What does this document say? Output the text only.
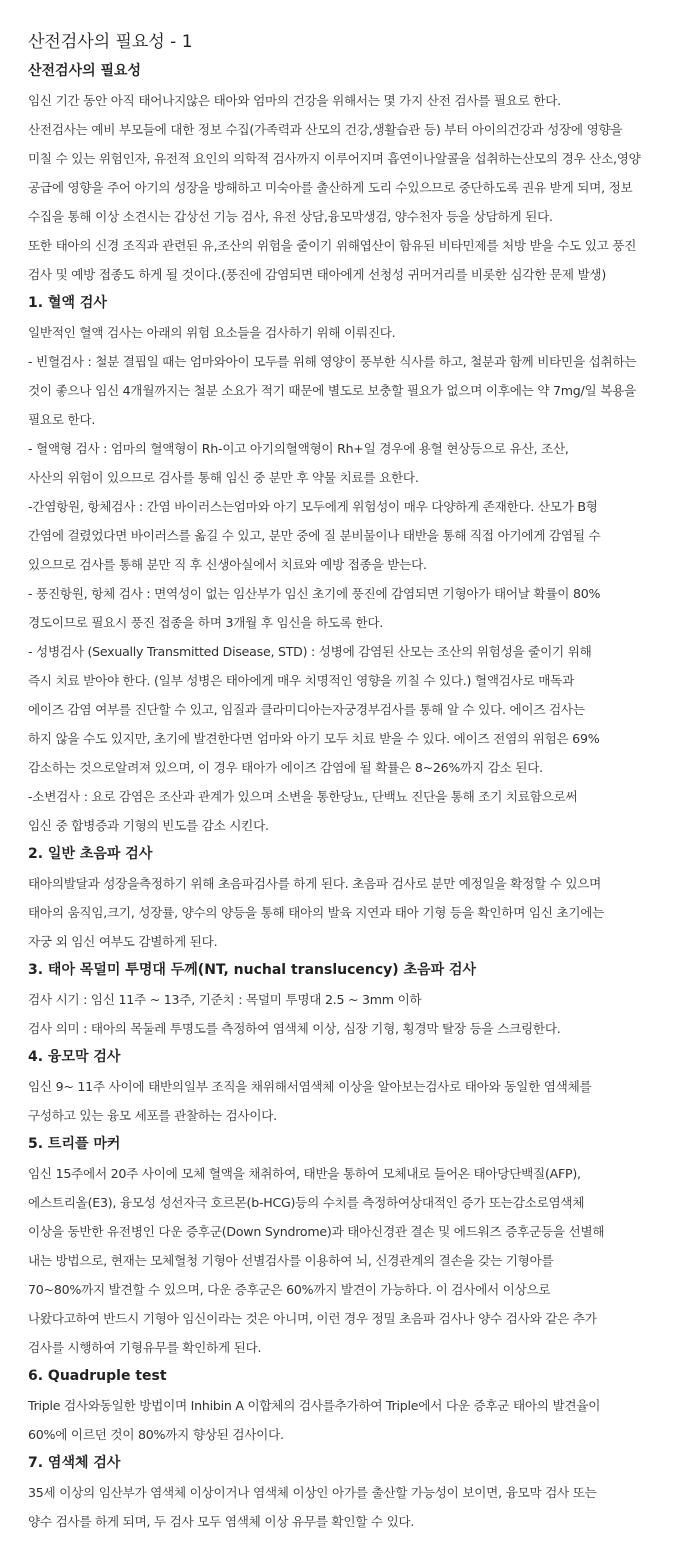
산전검사의 필요성 - 1
산전검사의 필요성

임신 기간 동안 아직 태어나지않은 태아와 엄마의 건강을 위해서는 몇 가지 산전 검사를 필요로 한다.

산전검사는 예비 부모들에 대한 정보 수집(가족력과 산모의 건강,생활습관 등) 부터 아이의건강과 성장에 영향을

미칠 수 있는 위험인자, 유전적 요인의 의학적 검사까지 이루어지며 흡연이나알콜을 섭취하는산모의 경우 산소,영양

공급에 영향을 주어 아기의 성장을 방해하고 미숙아를 출산하게 도리 수있으므로 중단하도록 권유 받게 되며, 정보

수집을 통해 이상 소견시는 갑상선 기능 검사, 유전 상담,융모막생검, 양수천자 등을 상담하게 된다.

또한 태아의 신경 조직과 관련된 유,조산의 위험을 줄이기 위해엽산이 함유된 비타민제를 처방 받을 수도 있고 풍진

검사 및 예방 접종도 하게 될 것이다.(풍진에 감염되면 태아에게 선청성 귀머거리를 비롯한 심각한 문제 발생)

1. 혈액 검사

일반적인 혈액 검사는 아래의 위험 요소들을 검사하기 위해 이뤄진다.

- 빈혈검사 : 철분 결핍일 때는 엄마와아이 모두를 위해 영양이 풍부한 식사를 하고, 철분과 함께 비타민을 섭취하는

것이 좋으나 임신 4개월까지는 철분 소요가 적기 때문에 별도로 보충할 필요가 없으며 이후에는 약 7mg/일 복용을

필요로 한다.

- 혈액형 검사 : 엄마의 혈액형이 Rh-이고 아기의혈액형이 Rh+일 경우에 용혈 현상등으로 유산, 조산,

사산의 위험이 있으므로 검사를 통해 임신 중 분만 후 약물 치료를 요한다.

-간염항원, 항체검사 : 간염 바이러스는엄마와 아기 모두에게 위험성이 매우 다양하게 존재한다. 산모가 B형

간염에 걸렸었다면 바이러스를 옮길 수 있고, 분만 중에 질 분비물이나 태반을 통해 직접 아기에게 감염될 수

있으므로 검사를 통해 분만 직 후 신생아실에서 치료와 예방 접종을 받는다.

- 풍진항원, 항체 검사 : 면역성이 없는 임산부가 임신 초기에 풍진에 감염되면 기형아가 태어날 확률이 80%

경도이므로 필요시 풍진 접종을 하며 3개월 후 임신을 하도록 한다.

- 성병검사 (Sexually Transmitted Disease, STD) : 성병에 감염된 산모는 조산의 위험성을 줄이기 위해

즉시 치료 받아야 한다. (일부 성병은 태아에게 매우 치명적인 영향을 끼칠 수 있다.) 혈액검사로 매독과

에이즈 감염 여부를 진단할 수 있고, 임질과 클라미디아는자궁경부검사를 통해 알 수 있다. 에이즈 검사는

하지 않을 수도 있지만, 초기에 발견한다면 엄마와 아기 모두 치료 받을 수 있다. 에이즈 전염의 위험은 69%

감소하는 것으로알려져 있으며, 이 경우 태아가 에이즈 감염에 될 확률은 8~26%까지 감소 된다.

-소변검사 : 요로 감염은 조산과 관계가 있으며 소변을 통한당뇨, 단백뇨 진단을 통해 조기 치료함으로써

임신 중 합병증과 기형의 빈도를 감소 시킨다.

2. 일반 초음파 검사

태아의발달과 성장을측정하기 위해 초음파검사를 하게 된다. 초음파 검사로 분만 예정일을 확정할 수 있으며

태아의 움직임,크기, 성장률, 양수의 양등을 통해 태아의 발육 지연과 태아 기형 등을 확인하며 임신 초기에는

자궁 외 임신 여부도 감별하게 된다.

3. 태아 목덜미 투명대 두께(NT, nuchal translucency) 초음파 검사

검사 시기 : 임신 11주 ~ 13주, 기준치 : 목덜미 투명대 2.5 ~ 3mm 이하

검사 의미 : 태아의 목둘레 투명도를 측정하여 염색체 이상, 심장 기형, 횡경막 탈장 등을 스크링한다.

4. 융모막 검사

임신 9~ 11주 사이에 태반의일부 조직을 채위해서염색체 이상을 알아보는검사로 태아와 동일한 염색체를

구성하고 있는 융모 세포를 관찰하는 검사이다.

5. 트리플 마커

임신 15주에서 20주 사이에 모체 혈액을 채취하여, 태반을 통하여 모체내로 들어온 태아당단백질(AFP),

에스트리올(E3), 융모성 성선자극 호르몬(b-HCG)등의 수치를 측정하여상대적인 증가 또는감소로염색체

이상을 동반한 유전병인 다운 증후군(Down Syndrome)과 태아신경관 결손 및 에드워즈 증후군등을 선별해

내는 방법으로, 현재는 모체혈청 기형아 선별검사를 이용하여 뇌, 신경관계의 결손을 갖는 기형아를

70~80%까지 발견할 수 있으며, 다운 증후군은 60%까지 발견이 가능하다. 이 검사에서 이상으로

나왔다고하여 반드시 기형아 임신이라는 것은 아니며, 이런 경우 정밀 초음파 검사나 양수 검사와 같은 추가

검사를 시행하여 기형유무를 확인하게 된다.

6. Quadruple test

Triple 검사와동일한 방법이며 Inhibin A 이합체의 검사를추가하여 Triple에서 다운 증후군 태아의 발견율이

60%에 이르던 것이 80%까지 향상된 검사이다.

7. 염색체 검사

35세 이상의 임산부가 염색체 이상이거나 염색체 이상인 아가를 출산할 가능성이 보이면, 융모막 검사 또는

양수 검사를 하게 되며, 두 검사 모두 염색체 이상 유무를 확인할 수 있다.
